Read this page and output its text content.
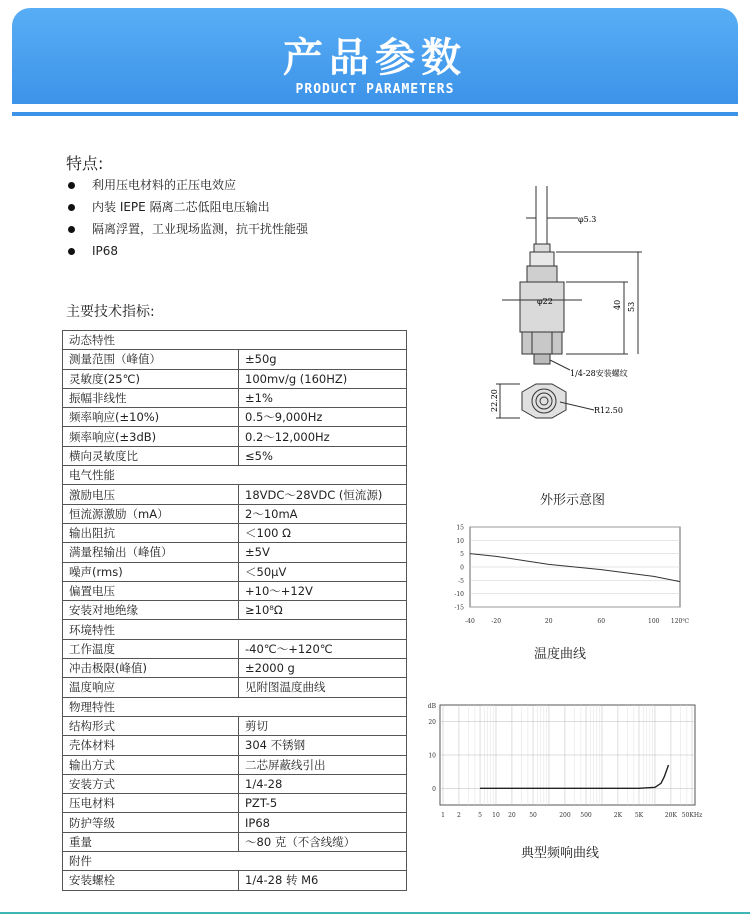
产品参数
PRODUCT PARAMETERS
特点:
利用压电材料的正压电效应
内装 IEPE 隔离二芯低阻电压输出
隔离浮置，工业现场监测，抗干扰性能强
IP68
主要技术指标:
动态特性	
测量范围（峰值）	±50g
灵敏度(25℃)	100mv/g (160HZ)
振幅非线性	±1%
频率响应(±10%)	0.5～9,000Hz
频率响应(±3dB)	0.2～12,000Hz
横向灵敏度比	≤5%
电气性能	
激励电压	18VDC～28VDC (恒流源)
恒流源激励（mA）	2～10mA
输出阻抗	＜100 Ω
满量程输出（峰值）	±5V
噪声(rms)	＜50μV
偏置电压	+10～+12V
安装对地绝缘	≥10⁸Ω
环境特性	
工作温度	-40℃～+120℃
冲击极限(峰值)	±2000 g
温度响应	见附图温度曲线
物理特性	
结构形式	剪切
壳体材料	304 不锈钢
输出方式	二芯屏蔽线引出
安装方式	1/4-28
压电材料	PZT-5
防护等级	IP68
重量	～80 克（不含线缆）
附件	
安装螺栓	1/4-28 转 M6
φ5.3
φ22	40 53
1/4-28安装螺纹
22.20	R12.50
外形示意图
15
10
5
0
-5
-10
-15
-40	-20	20	60	100 120℃
温度曲线
dB
20
10
0
1 2	5 10 20 50	200 500	2K 5K	20K 50KHz
典型频响曲线
